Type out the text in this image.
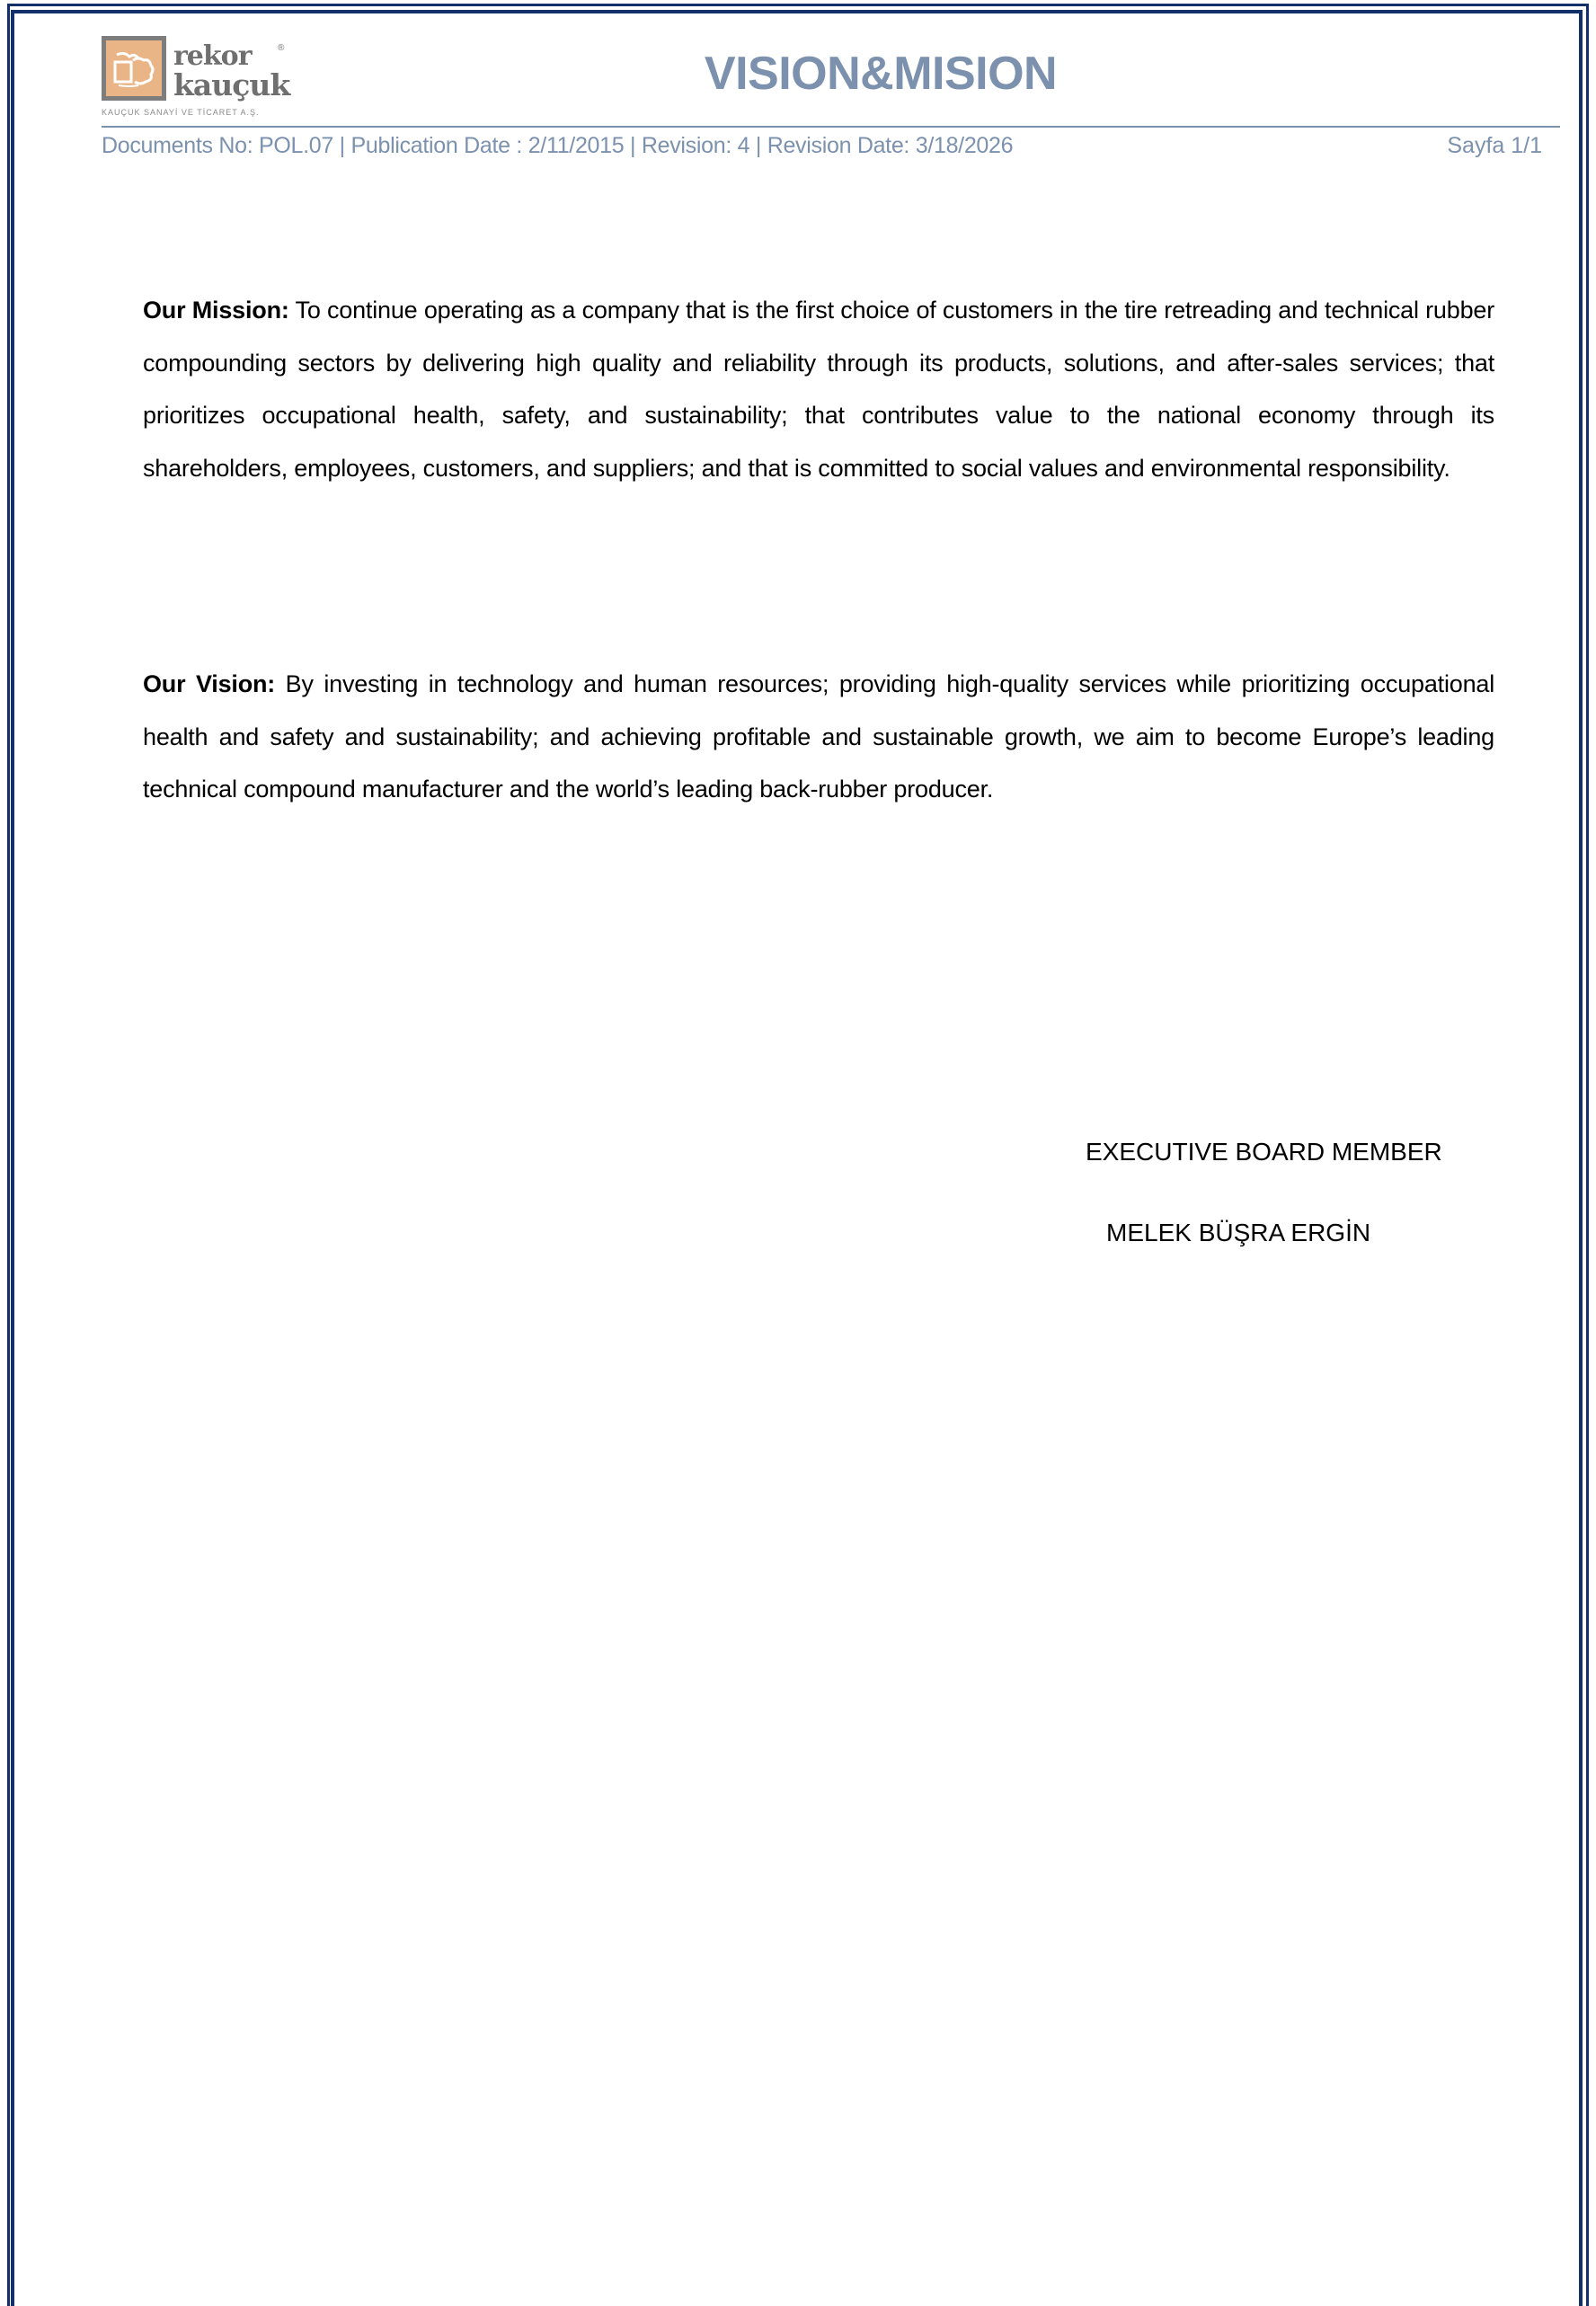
rekor	®
kauçuk
KAUÇUK SANAYİ VE TİCARET A.Ş.
VISION&MISION
Documents No: POL.07 | Publication Date : 2/11/2015 | Revision: 4 | Revision Date: 3/18/2026	Sayfa 1/1

Our Mission: To continue operating as a company that is the first choice of customers in the tire retreading and technical rubber compounding sectors by delivering high quality and reliability through its products, solutions, and after-sales services; that prioritizes occupational health, safety, and sustainability; that contributes value to the national economy through its shareholders, employees, customers, and suppliers; and that is committed to social values and environmental responsibility.

Our Vision: By investing in technology and human resources; providing high-quality services while prioritizing occupational health and safety and sustainability; and achieving profitable and sustainable growth, we aim to become Europe’s leading technical compound manufacturer and the world’s leading back-rubber producer.

EXECUTIVE BOARD MEMBER
MELEK BÜŞRA ERGİN
